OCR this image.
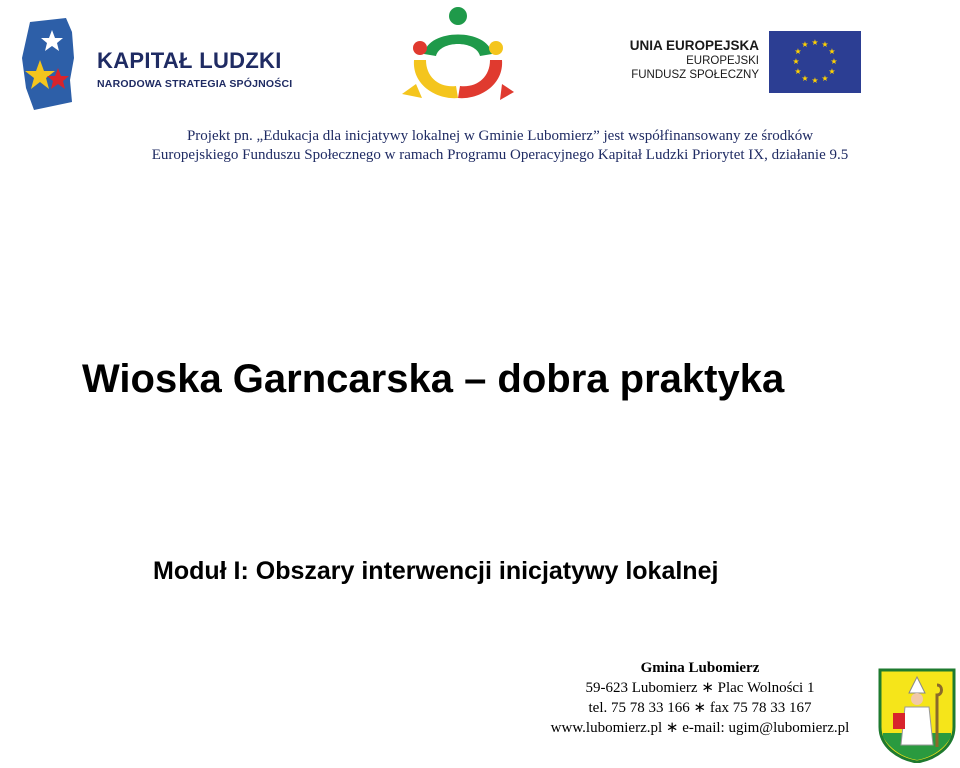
KAPITAŁ LUDZKI
NARODOWA STRATEGIA SPÓJNOŚCI
UNIA EUROPEJSKA
EUROPEJSKI
FUNDUSZ SPOŁECZNY
★ ★
★
★
★
★
★
★
★
★
★
★
Projekt pn. „Edukacja dla inicjatywy lokalnej w Gminie Lubomierz” jest współfinansowany ze środków
Europejskiego Funduszu Społecznego w ramach Programu Operacyjnego Kapitał Ludzki Priorytet IX, działanie 9.5
Wioska Garncarska – dobra praktyka
Moduł I: Obszary interwencji inicjatywy lokalnej
Gmina Lubomierz
59-623 Lubomierz ∗ Plac Wolności 1
tel. 75 78 33 166 ∗ fax 75 78 33 167
www.lubomierz.pl ∗ e-mail: ugim@lubomierz.pl
